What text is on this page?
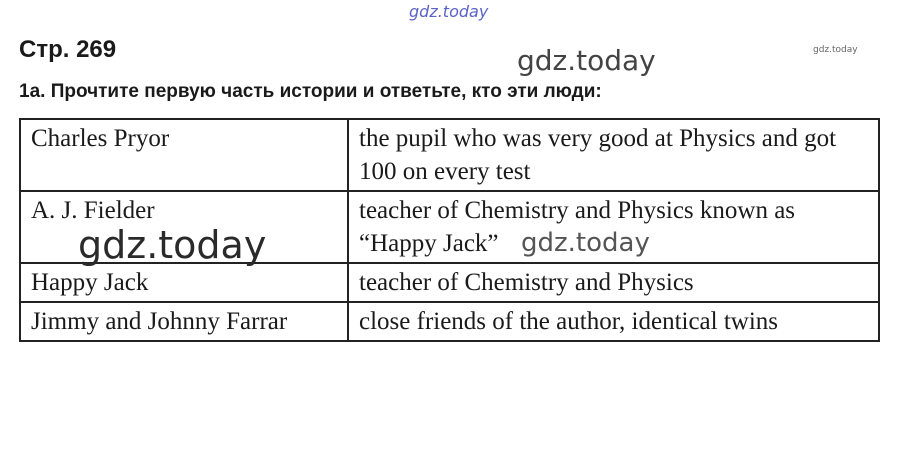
gdz.today
gdz.today	gdz.today
Стр. 269

1a. Прочтите первую часть истории и ответьте, кто эти люди:

Charles Pryor	the pupil who was very good at Physics and got 100 on every test
A. J. Fielder	teacher of Chemistry and Physics known as “Happy Jack”
Happy Jack	teacher of Chemistry and Physics
Jimmy and Johnny Farrar	close friends of the author, identical twins
gdz.today	gdz.today
